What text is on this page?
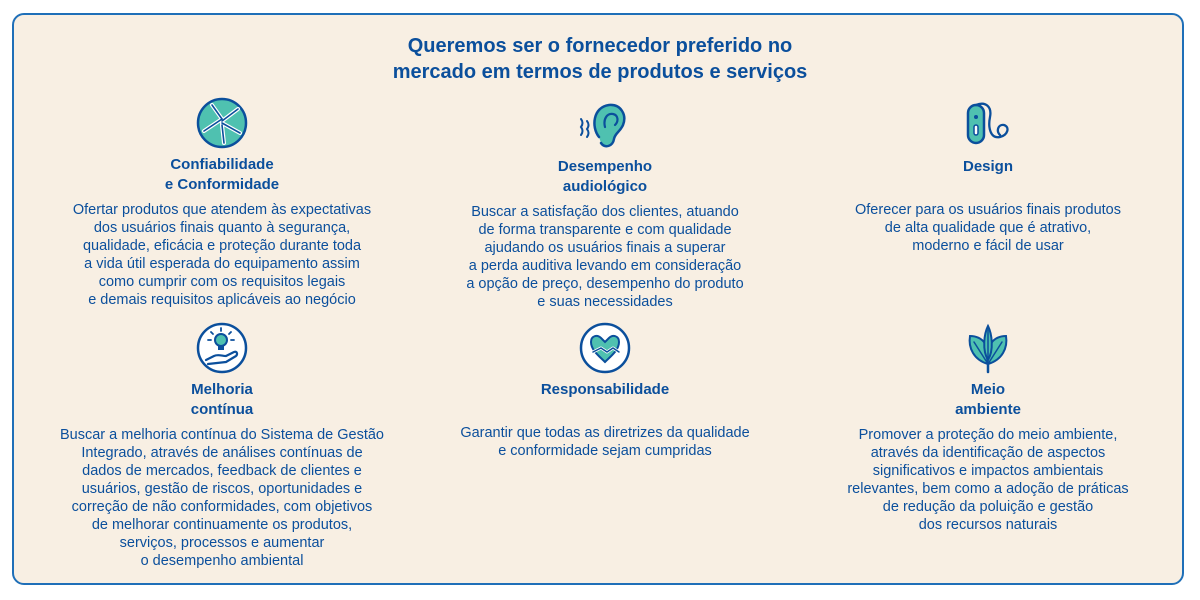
Queremos ser o fornecedor preferido no
mercado em termos de produtos e serviços
Confiabilidade
e Conformidade
Ofertar produtos que atendem às expectativas
dos usuários finais quanto à segurança,
qualidade, eficácia e proteção durante toda
a vida útil esperada do equipamento assim
como cumprir com os requisitos legais
e demais requisitos aplicáveis ao negócio
Desempenho
audiológico
Buscar a satisfação dos clientes, atuando
de forma transparente e com qualidade
ajudando os usuários finais a superar
a perda auditiva levando em consideração
a opção de preço, desempenho do produto
e suas necessidades
Design
Oferecer para os usuários finais produtos
de alta qualidade que é atrativo,
moderno e fácil de usar
Melhoria
contínua
Buscar a melhoria contínua do Sistema de Gestão
Integrado, através de análises contínuas de
dados de mercados, feedback de clientes e
usuários, gestão de riscos, oportunidades e
correção de não conformidades, com objetivos
de melhorar continuamente os produtos,
serviços, processos e aumentar
o desempenho ambiental
Responsabilidade
Garantir que todas as diretrizes da qualidade
e conformidade sejam cumpridas
Meio
ambiente
Promover a proteção do meio ambiente,
através da identificação de aspectos
significativos e impactos ambientais
relevantes, bem como a adoção de práticas
de redução da poluição e gestão
dos recursos naturais
